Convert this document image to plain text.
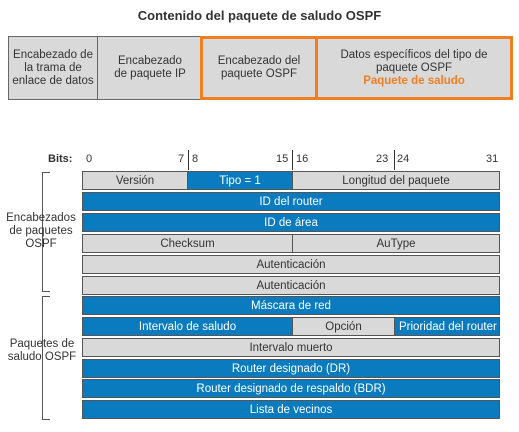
Contenido del paquete de saludo OSPF
Encabezado de la trama de enlace de datos
Encabezado de paquete IP
Encabezado del paquete OSPF
Datos específicos del tipo de paquete OSPF
Paquete de saludo
Bits: 0	7 8	15 16	23 24	31
Encabezados de paquetes OSPF
Paquetes de saludo OSPF
Versión	Tipo = 1	Longitud del paquete
ID del router
ID de área
Checksum	AuType
Autenticación
Autenticación
Máscara de red
Intervalo de saludo	Opción	Prioridad del router
Intervalo muerto
Router designado (DR)
Router designado de respaldo (BDR)
Lista de vecinos
